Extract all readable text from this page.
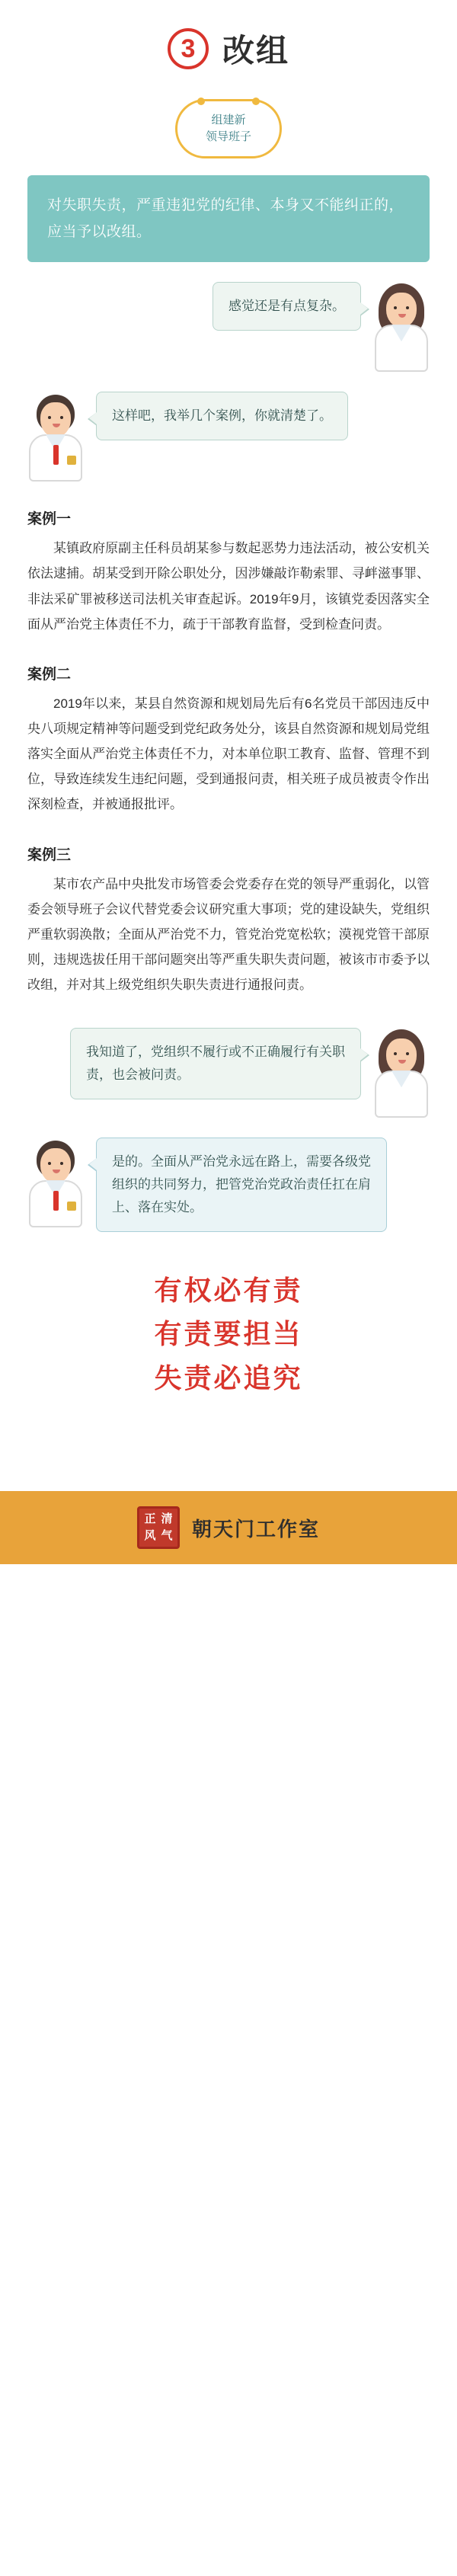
3 改组
组建新
领导班子
对失职失责，严重违犯党的纪律、本身又不能纠正的，应当予以改组。
感觉还是有点复杂。
这样吧，我举几个案例，你就清楚了。
案例一
某镇政府原副主任科员胡某参与数起恶势力违法活动，被公安机关依法逮捕。胡某受到开除公职处分，因涉嫌敲诈勒索罪、寻衅滋事罪、非法采矿罪被移送司法机关审查起诉。2019年9月，该镇党委因落实全面从严治党主体责任不力，疏于干部教育监督，受到检查问责。
案例二
2019年以来，某县自然资源和规划局先后有6名党员干部因违反中央八项规定精神等问题受到党纪政务处分，该县自然资源和规划局党组落实全面从严治党主体责任不力，对本单位职工教育、监督、管理不到位，导致连续发生违纪问题，受到通报问责，相关班子成员被责令作出深刻检查，并被通报批评。
案例三
某市农产品中央批发市场管委会党委存在党的领导严重弱化，以管委会领导班子会议代替党委会议研究重大事项；党的建设缺失，党组织严重软弱涣散；全面从严治党不力，管党治党宽松软；漠视党管干部原则，违规选拔任用干部问题突出等严重失职失责问题，被该市市委予以改组，并对其上级党组织失职失责进行通报问责。
我知道了，党组织不履行或不正确履行有关职责，也会被问责。
是的。全面从严治党永远在路上，需要各级党组织的共同努力，把管党治党政治责任扛在肩上、落在实处。
有权必有责
有责要担当
失责必追究
正 清
风 气 朝天门工作室
